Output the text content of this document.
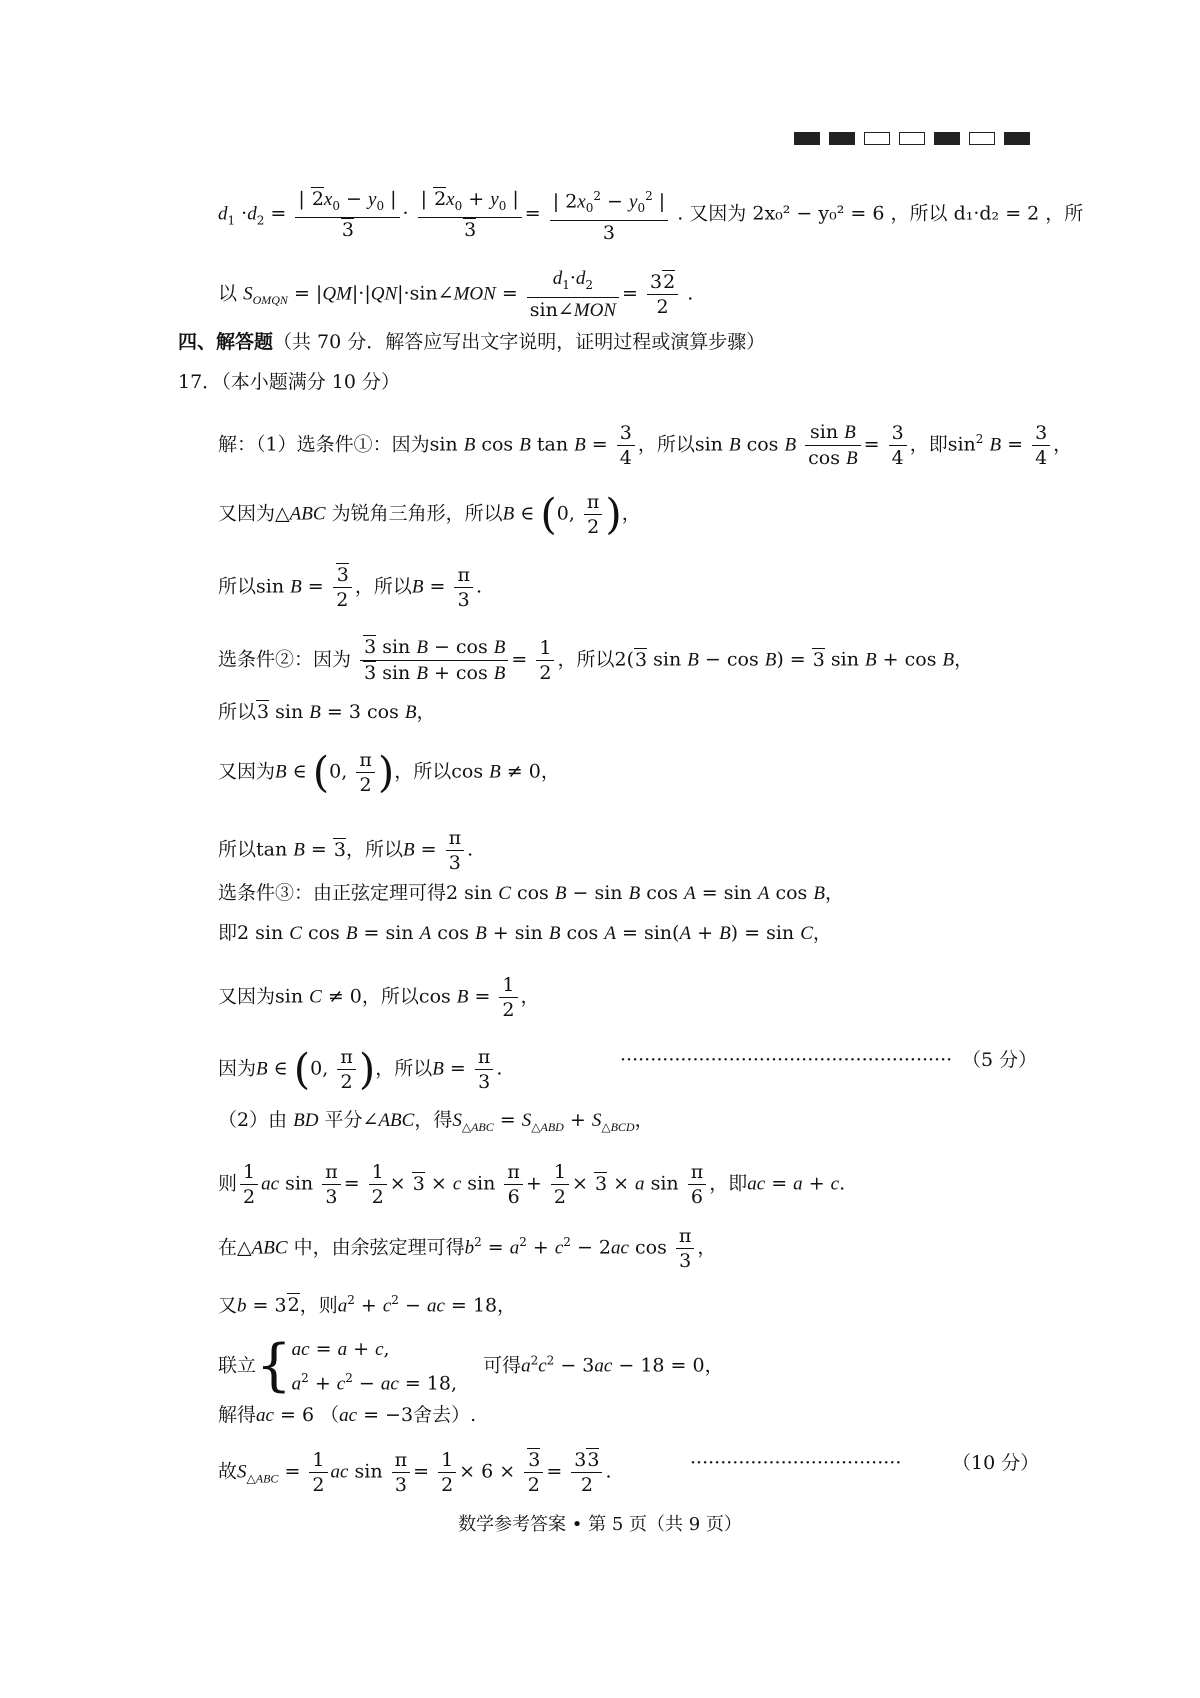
$d_1 \cdot d_2 = \frac{| 2x_0 - y_0 |}{3} \cdot \frac{| 2x_0 + y_0 |}{3} = \frac{| 2x_0^2 - y_0^2 |}{3}$ . 又因为 2x₀² − y₀² = 6 ，所以 d₁·d₂ = 2 ，所
以 $S_{OMQN}$ = |QM|·|QN|·sin∠MON = $\frac{d_1\cdot d_2}{\text{sin∠MON}} = \frac{32}{2}$ .
四、解答题（共 70 分．解答应写出文字说明，证明过程或演算步骤）
17．（本小题满分 10 分）
解：（1）选条件①：因为sin B cos B $\tan B = \frac{3}{4}$ ，所以sin B cos B $\frac{\text{sin B}}{\text{cos B}} = \frac{3}{4}$ ，即$\sin^2 B = \frac{3}{4}$ ，
又因为△ABC 为锐角三角形，所以B ∈ (0, $\frac{\pi}{2}$ )，
所以$\sin B = \frac{3}{2}$ ，所以$B = \frac{\pi}{3}$ .
选条件②：因为 $\frac{\text{3 sin B − cos B}}{\text{3 sin B + cos B}} = \frac{1}{2}$ ，所以2(3 sin B − cos B) = 3 sin B + cos B，
所以3 sin B = 3 cos B，
又因为B ∈ (0, $\frac{\pi}{2}$ )，所以cos B ≠ 0，
所以tan B = 3，所以$B = \frac{\pi}{3}$ .
选条件③：由正弦定理可得2 sin C cos B − sin B cos A = sin A cos B，
即2 sin C cos B = sin A cos B + sin B cos A = sin(A + B) = sin C，
又因为sin C ≠ 0，所以$\cos B = \frac{1}{2}$ ，
因为B ∈ (0, $\frac{\pi}{2}$ )，所以$B = \frac{\pi}{3}$ .	······················································· （5 分）
（2）由 BD 平分∠ABC，得$S_{\triangle ABC} = S_{\triangle ABD} + S_{\triangle BCD}$，
则 $\frac{1}{2}$ ac $\sin \frac{\pi}{3} = \frac{1}{2} \times 3 \times c$ $\sin \frac{\pi}{6} + \frac{1}{2} \times 3 \times a$ $\sin \frac{\pi}{6}$ ，即ac = a + c.
在△ABC 中，由余弦定理可得$b^2 = a^2 + c^2 - 2ac$ $\cos \frac{\pi}{3}$ ，
又b = 32，则$a^2 + c^2$ − ac = 18，
联立{ ac = a + c,
$a^2 + c^2$ − ac = 18,
可得$a^2c^2 - 3ac - 18 = 0$，
解得ac = 6 （ac = −3舍去）.
故$S_{\triangle ABC} = \frac{1}{2}$ ac $\sin \frac{\pi}{3} = \frac{1}{2} \times 6 \times \frac{3}{2} = \frac{33}{2}$ .	···································	（10 分）
数学参考答案 • 第 5 页（共 9 页）
